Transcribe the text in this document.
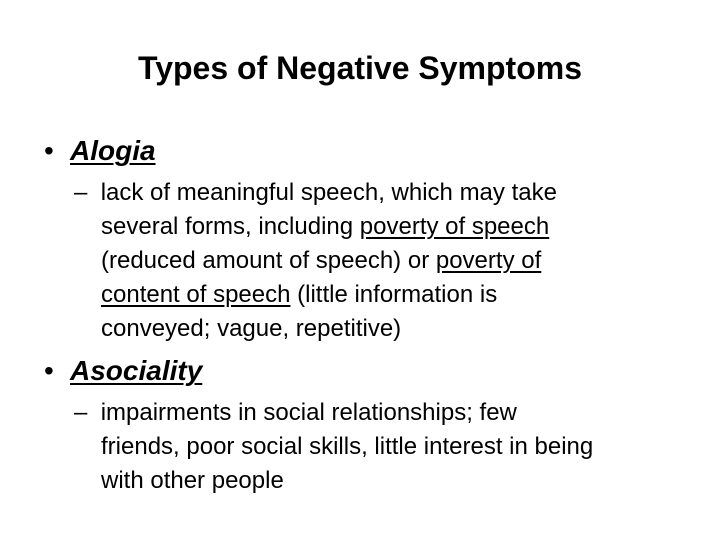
Types of Negative Symptoms
• Alogia
– lack of meaningful speech, which may take
several forms, including poverty of speech
(reduced amount of speech) or poverty of
content of speech (little information is
conveyed; vague, repetitive)
• Asociality
– impairments in social relationships; few
friends, poor social skills, little interest in being
with other people
